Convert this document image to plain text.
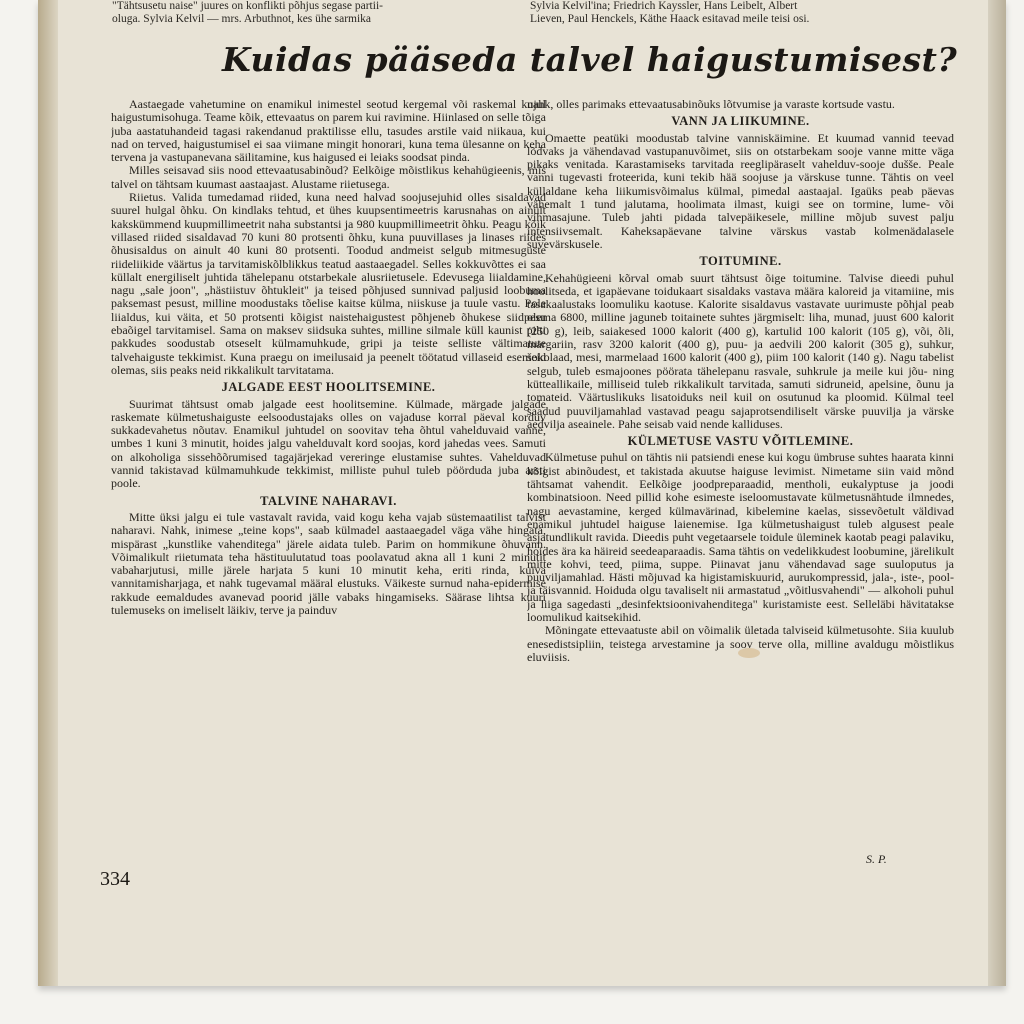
"Tähtsusetu naise" juures on konflikti põhjus segase partii-
oluga. Sylvia Kelvil — mrs. Arbuthnot, kes ühe sarmika
Sylvia Kelvil'ina; Friedrich Kayssler, Hans Leibelt, Albert
Lieven, Paul Henckels, Käthe Haack esitavad meile teisi osi.
Kuidas pääseda talvel haigustumisest?

Aastaegade vahetumine on enamikul inimestel seotud kergemal või raskemal kujul haigustumisohuga. Teame kõik, ettevaatus on parem kui ravimine. Hiinlased on selle tõiga juba aastatuhandeid tagasi rakendanud praktilisse ellu, tasudes arstile vaid niikaua, kui nad on terved, haigustumisel ei saa viimane mingit honorari, kuna tema ülesanne on keha tervena ja vastupanevana säilitamine, kus haigused ei leiaks soodsat pinda.

Milles seisavad siis nood ettevaatusabinõud? Eelkõige mõistlikus kehahügieenis, mis talvel on tähtsam kuumast aastaajast. Alustame riietusega.

Riietus. Valida tumedamad riided, kuna need halvad soojusejuhid olles sisaldavad suurel hulgal õhku. On kindlaks tehtud, et ühes kuupsentimeetris karusnahas on ainult kakskümmend kuupmillimeetrit naha substantsi ja 980 kuupmillimeetrit õhku. Peagu kõik villased riided sisaldavad 70 kuni 80 protsenti õhku, kuna puuvillases ja linases riides õhusisaldus on ainult 40 kuni 80 protsenti. Toodud andmeist selgub mitmesuguste riideliikide väärtus ja tarvitamiskõlblikkus teatud aastaaegadel. Selles kokkuvõttes ei saa küllalt energiliselt juhtida tähelepanu otstarbekale alusriietusele. Edevusega liialdamine, nagu „sale joon", „hästiistuv õhtukleit" ja teised põhjused sunnivad paljusid loobuma paksemast pesust, milline moodustaks tõelise kaitse külma, niiskuse ja tuule vastu. Pole liialdus, kui väita, et 50 protsenti kõigist naistehaigustest põhjeneb õhukese siidpesu ebaõigel tarvitamisel. Sama on maksev siidsuka suhtes, milline silmale küll kaunist pilti pakkudes soodustab otseselt külmamuhkude, gripi ja teiste selliste vältimatute talvehaiguste tekkimist. Kuna praegu on imeilusaid ja peenelt töötatud villaseid esemeid olemas, siis peaks neid rikkalikult tarvitatama.

JALGADE EEST HOOLITSEMINE.

Suurimat tähtsust omab jalgade eest hoolitsemine. Külmade, märgade jalgade raskemate külmetushaiguste eelsoodustajaks olles on vajaduse korral päeval korduv sukkadevahetus nõutav. Enamikul juhtudel on soovitav teha õhtul vahelduvaid vanne, umbes 1 kuni 3 minutit, hoides jalgu vahelduvalt kord soojas, kord jahedas vees. Samuti on alkoholiga sissehõõrumised tagajärjekad vereringe elustamise suhtes. Vahelduvad vannid takistavad külmamuhkude tekkimist, milliste puhul tuleb pöörduda juba arsti poole.

TALVINE NAHARAVI.

Mitte üksi jalgu ei tule vastavalt ravida, vaid kogu keha vajab süstemaatilist talvist naharavi. Nahk, inimese „teine kops", saab külmadel aastaaegadel väga vähe hingata, mispärast „kunstlike vahenditega" järele aidata tuleb. Parim on hommikune õhuvann. Võimalikult riietumata teha hästituulutatud toas poolavatud akna all 1 kuni 2 minutit vabaharjutusi, mille järele harjata 5 kuni 10 minutit keha, eriti rinda, kuiva vannitamisharjaga, et nahk tugevamal määral elustuks. Väikeste surnud naha-epidermise rakkude eemaldudes avanevad poorid jälle vabaks hingamiseks. Säärase lihtsa kuuri tulemuseks on imeliselt läikiv, terve ja painduv

nahk, olles parimaks ettevaatusabinõuks lõtvumise ja varaste kortsude vastu.

VANN JA LIIKUMINE.

Omaette peatüki moodustab talvine vanniskäimine. Et kuumad vannid teevad lõdvaks ja vähendavad vastupanuvõimet, siis on otstarbekam sooje vanne mitte väga pikaks venitada. Karastamiseks tarvitada reeglipäraselt vahelduv-sooje dušše. Peale vanni tugevasti froteerida, kuni tekib hää soojuse ja värskuse tunne. Tähtis on veel küllaldane keha liikumisvõimalus külmal, pimedal aastaajal. Igaüks peab päevas vähemalt 1 tund jalutama, hoolimata ilmast, kuigi see on tormine, lume- või vihmasajune. Tuleb jahti pidada talvepäikesele, milline mõjub suvest palju intensiivsemalt. Kaheksapäevane talvine värskus vastab kolmenädalasele suvevärskusele.

TOITUMINE.

Kehahügieeni kõrval omab suurt tähtsust õige toitumine. Talvise dieedi puhul hoolitseda, et igapäevane toidukaart sisaldaks vastava määra kaloreid ja vitamiine, mis tasakaalustaks loomuliku kaotuse. Kalorite sisaldavus vastavate uurimuste põhjal peab olema 6800, milline jaguneb toitainete suhtes järgmiselt: liha, munad, juust 600 kalorit (250 g), leib, saiakesed 1000 kalorit (400 g), kartulid 100 kalorit (105 g), või, õli, margariin, rasv 3200 kalorit (400 g), puu- ja aedvili 200 kalorit (305 g), suhkur, šokolaad, mesi, marmelaad 1600 kalorit (400 g), piim 100 kalorit (140 g). Nagu tabelist selgub, tuleb esmajoones pöörata tähelepanu rasvale, suhkrule ja meile kui jõu- ning kütteallikaile, milliseid tuleb rikkalikult tarvitada, samuti sidruneid, apelsine, õunu ja tomateid. Väärtuslikuks lisatoiduks neil kuil on osutunud ka ploomid. Külmal teel saadud puuviljamahlad vastavad peagu sajaprotsendiliselt värske puuvilja ja värske aedvilja aseainele. Pahe seisab vaid nende kalliduses.

KÜLMETUSE VASTU VÕITLEMINE.

Külmetuse puhul on tähtis nii patsiendi enese kui kogu ümbruse suhtes haarata kinni kõigist abinõudest, et takistada akuutse haiguse levimist. Nimetame siin vaid mõnd tähtsamat vahendit. Eelkõige joodpreparaadid, mentholi, eukalyptuse ja joodi kombinatsioon. Need pillid kohe esimeste iseloomustavate külmetusnähtude ilmnedes, nagu aevastamine, kerged külmavärinad, kibelemine kaelas, sissevõetult väldivad enamikul juhtudel haiguse laienemise. Iga külmetushaigust tuleb algusest peale asjatundlikult ravida. Dieedis puht vegetaarsele toidule üleminek kaotab peagi palaviku, hoides ära ka häireid seedeaparaadis. Sama tähtis on vedelikkudest loobumine, järelikult mitte kohvi, teed, piima, suppe. Piinavat janu vähendavad sage suuloputus ja puuviljamahlad. Hästi mõjuvad ka higistamiskuurid, aurukompressid, jala-, iste-, pool- ja täisvannid. Hoiduda olgu tavaliselt nii armastatud „võitlusvahendi" — alkoholi puhul ja liiga sagedasti „desinfektsioonivahenditega" kuristamiste eest. Selleläbi hävitatakse loomulikud kaitsekihid.

Mõningate ettevaatuste abil on võimalik ületada talviseid külmetusohte. Siia kuulub enesedistsipliin, teistega arvestamine ja soov terve olla, milline avaldugu mõistlikus eluviisis.

S. P.
334
